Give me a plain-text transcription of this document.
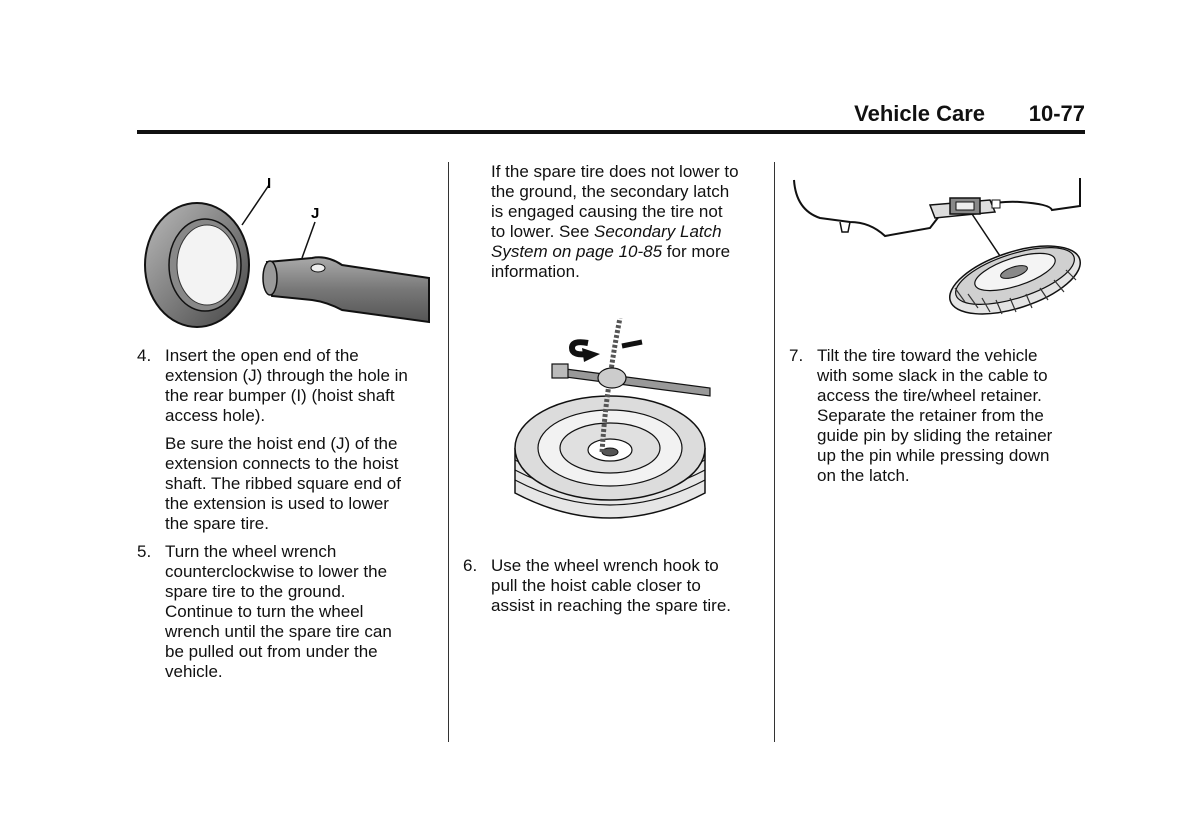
Vehicle Care 10-77
I
J
4. Insert the open end of the
extension (J) through the hole in
the rear bumper (I) (hoist shaft
access hole).
Be sure the hoist end (J) of the
extension connects to the hoist
shaft. The ribbed square end of
the extension is used to lower
the spare tire.
5. Turn the wheel wrench
counterclockwise to lower the
spare tire to the ground.
Continue to turn the wheel
wrench until the spare tire can
be pulled out from under the
vehicle.
If the spare tire does not lower to
the ground, the secondary latch
is engaged causing the tire not
to lower. See Secondary Latch
System on page 10-85 for more
information.
6. Use the wheel wrench hook to
pull the hoist cable closer to
assist in reaching the spare tire.
7. Tilt the tire toward the vehicle
with some slack in the cable to
access the tire/wheel retainer.
Separate the retainer from the
guide pin by sliding the retainer
up the pin while pressing down
on the latch.
